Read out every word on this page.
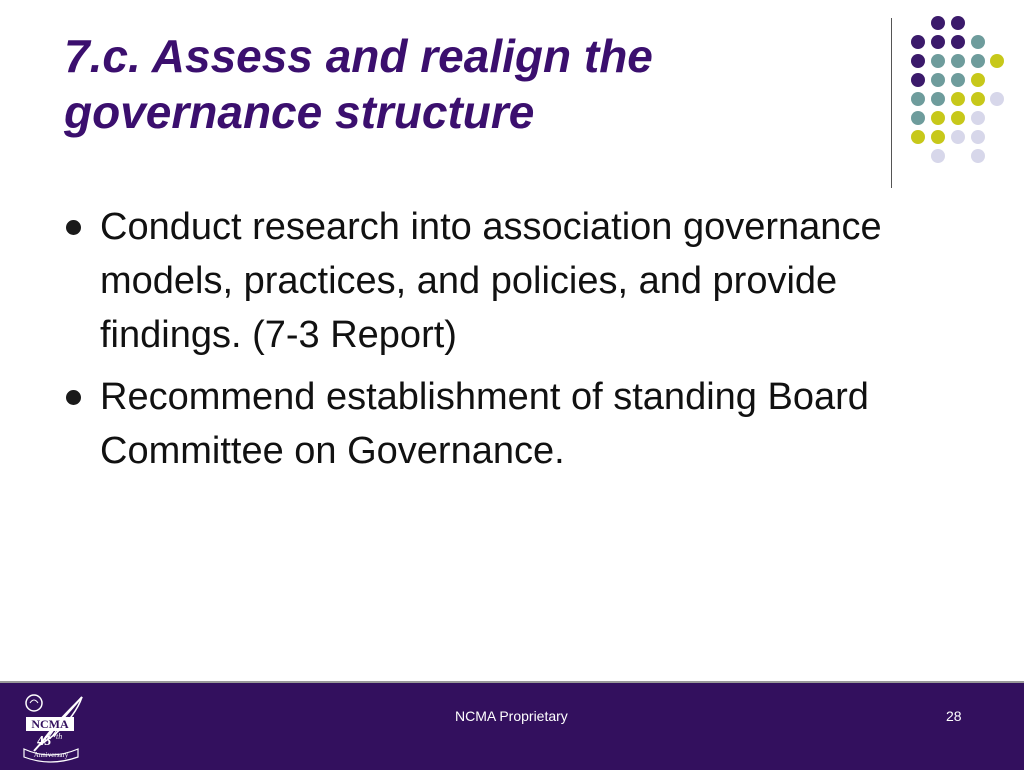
7.c. Assess and realign the governance structure
Conduct research into association governance models, practices, and policies, and provide findings. (7-3 Report)
Recommend establishment of standing Board Committee on Governance.
NCMA
45 th
Anniversary
NCMA Proprietary	28
